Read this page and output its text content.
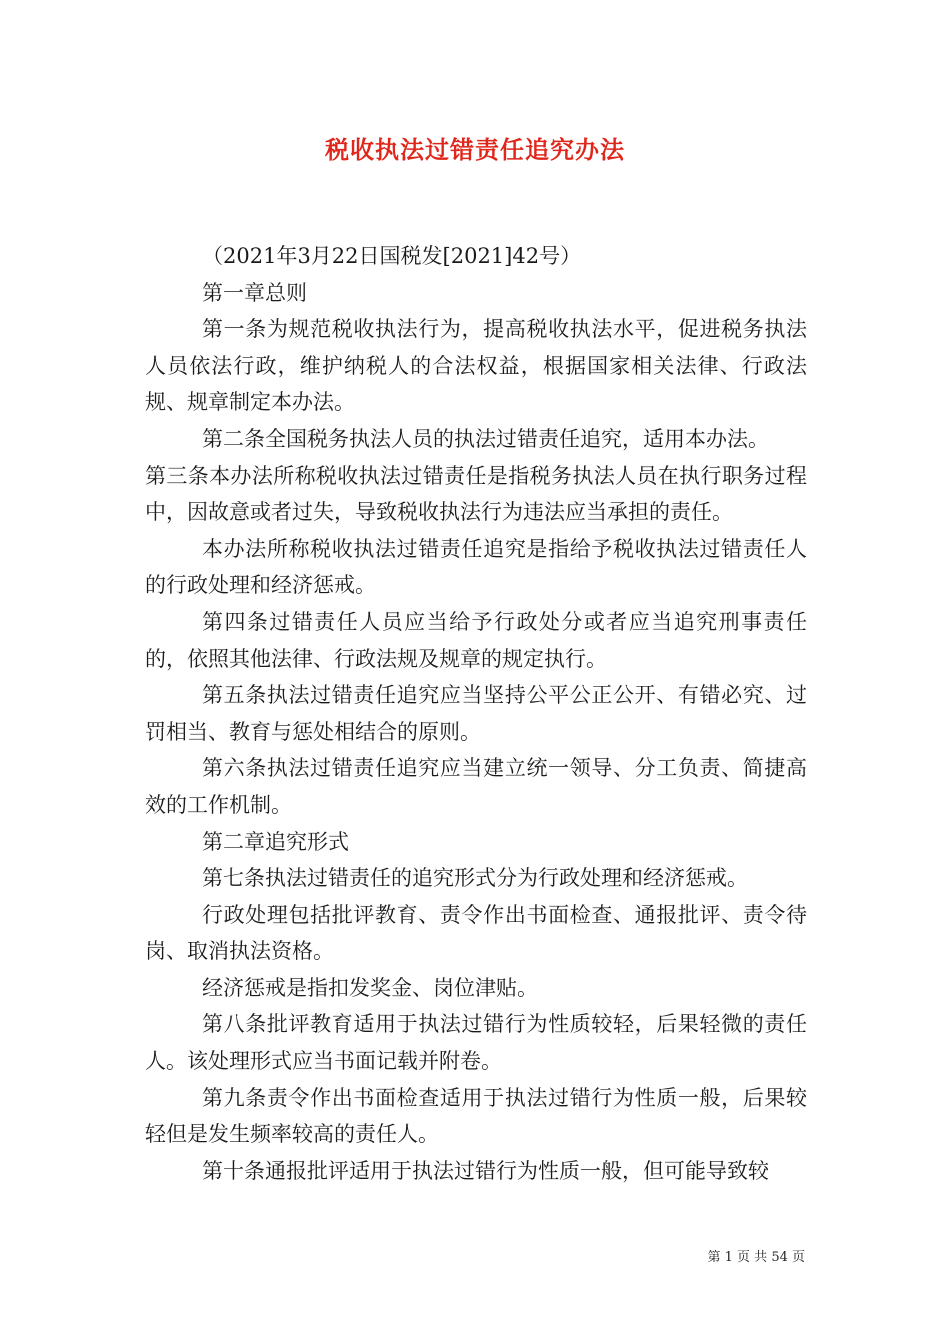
税收执法过错责任追究办法

（2021年3月22日国税发[2021]42号）

第一章总则

第一条为规范税收执法行为，提高税收执法水平，促进税务执法人员依法行政，维护纳税人的合法权益，根据国家相关法律、行政法规、规章制定本办法。

第二条全国税务执法人员的执法过错责任追究，适用本办法。

第三条本办法所称税收执法过错责任是指税务执法人员在执行职务过程中，因故意或者过失，导致税收执法行为违法应当承担的责任。

本办法所称税收执法过错责任追究是指给予税收执法过错责任人的行政处理和经济惩戒。

第四条过错责任人员应当给予行政处分或者应当追究刑事责任的，依照其他法律、行政法规及规章的规定执行。

第五条执法过错责任追究应当坚持公平公正公开、有错必究、过罚相当、教育与惩处相结合的原则。

第六条执法过错责任追究应当建立统一领导、分工负责、简捷高效的工作机制。

第二章追究形式

第七条执法过错责任的追究形式分为行政处理和经济惩戒。

行政处理包括批评教育、责令作出书面检查、通报批评、责令待岗、取消执法资格。

经济惩戒是指扣发奖金、岗位津贴。

第八条批评教育适用于执法过错行为性质较轻，后果轻微的责任人。该处理形式应当书面记载并附卷。

第九条责令作出书面检查适用于执法过错行为性质一般，后果较轻但是发生频率较高的责任人。

第十条通报批评适用于执法过错行为性质一般，但可能导致较

第 1 页 共 54 页
